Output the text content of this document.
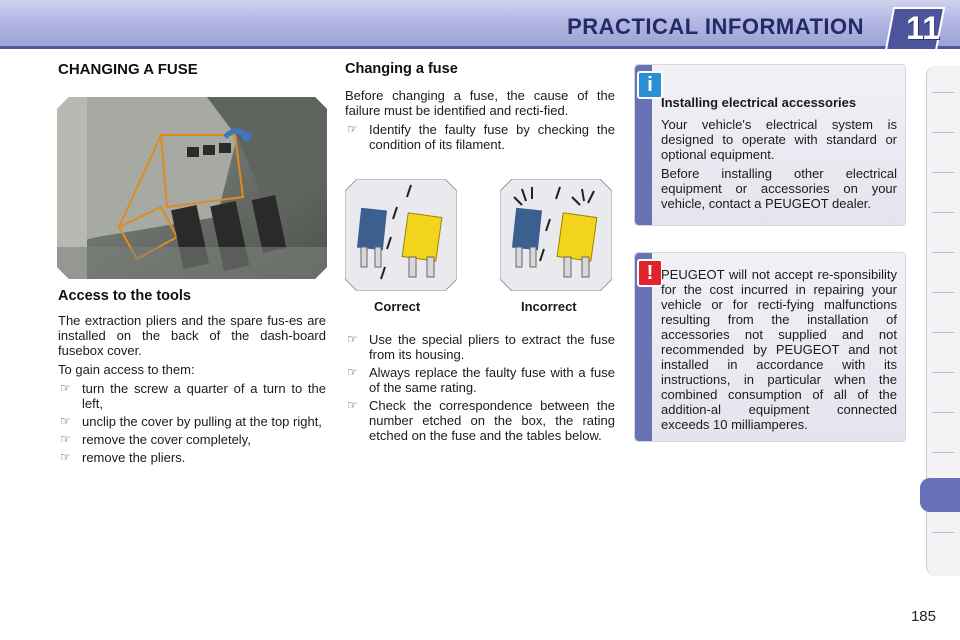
PRACTICAL INFORMATION 11
CHANGING A FUSE
Access to the tools

The extraction pliers and the spare fus-es are installed on the back of the dash-board fusebox cover.

To gain access to them:

☞ turn the screw a quarter of a turn to the left,
☞ unclip the cover by pulling at the top right,
☞ remove the cover completely,
☞ remove the pliers.
Changing a fuse

Before changing a fuse, the cause of the failure must be identified and recti-fied.

☞ Identify the faulty fuse by checking the condition of its filament.
Correct	Incorrect
☞ Use the special pliers to extract the fuse from its housing.
☞ Always replace the faulty fuse with a fuse of the same rating.
☞ Check the correspondence between the number etched on the box, the rating etched on the fuse and the tables below.
i

Installing electrical accessories

Your vehicle's electrical system is designed to operate with standard or optional equipment.

Before installing other electrical equipment or accessories on your vehicle, contact a PEUGEOT dealer.

! PEUGEOT will not accept re-sponsibility for the cost incurred in repairing your vehicle or for recti-fying malfunctions resulting from the installation of accessories not supplied and not recommended by PEUGEOT and not installed in accordance with its instructions, in particular when the combined consumption of all of the addition-al equipment connected exceeds 10 milliamperes.

185
